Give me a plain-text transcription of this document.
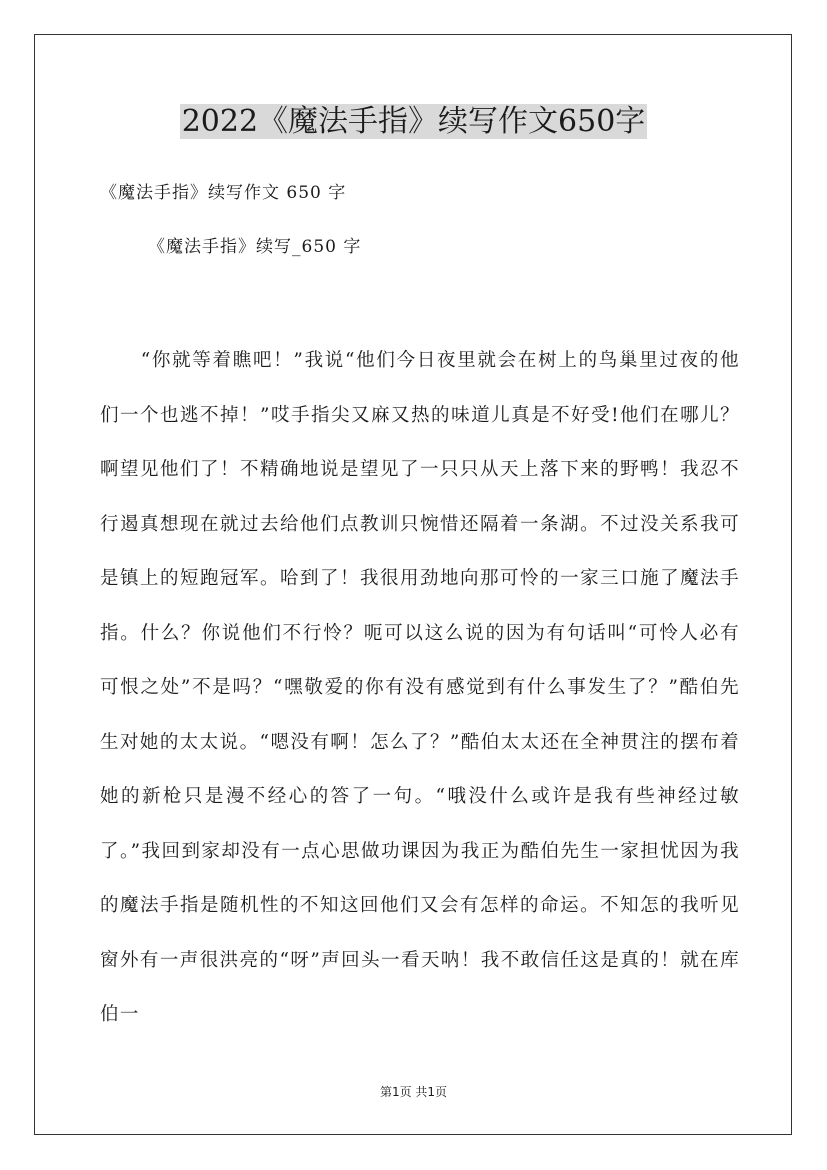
2022《魔法手指》续写作文650字

《魔法手指》续写作文 650 字

《魔法手指》续写_650 字

“你就等着瞧吧！”我说“他们今日夜里就会在树上的鸟巢里过夜的他们一个也逃不掉！”哎手指尖又麻又热的味道儿真是不好受!他们在哪儿？啊望见他们了！不精确地说是望见了一只只从天上落下来的野鸭！我忍不行遏真想现在就过去给他们点教训只惋惜还隔着一条湖。不过没关系我可是镇上的短跑冠军。哈到了！我很用劲地向那可怜的一家三口施了魔法手指。什么？你说他们不行怜？呃可以这么说的因为有句话叫“可怜人必有可恨之处”不是吗？“嘿敬爱的你有没有感觉到有什么事发生了？”酷伯先生对她的太太说。“嗯没有啊！怎么了？”酷伯太太还在全神贯注的摆布着她的新枪只是漫不经心的答了一句。“哦没什么或许是我有些神经过敏了。”我回到家却没有一点心思做功课因为我正为酷伯先生一家担忧因为我的魔法手指是随机性的不知这回他们又会有怎样的命运。不知怎的我听见窗外有一声很洪亮的“呀”声回头一看天呐！我不敢信任这是真的！就在库伯一

第1页 共1页
